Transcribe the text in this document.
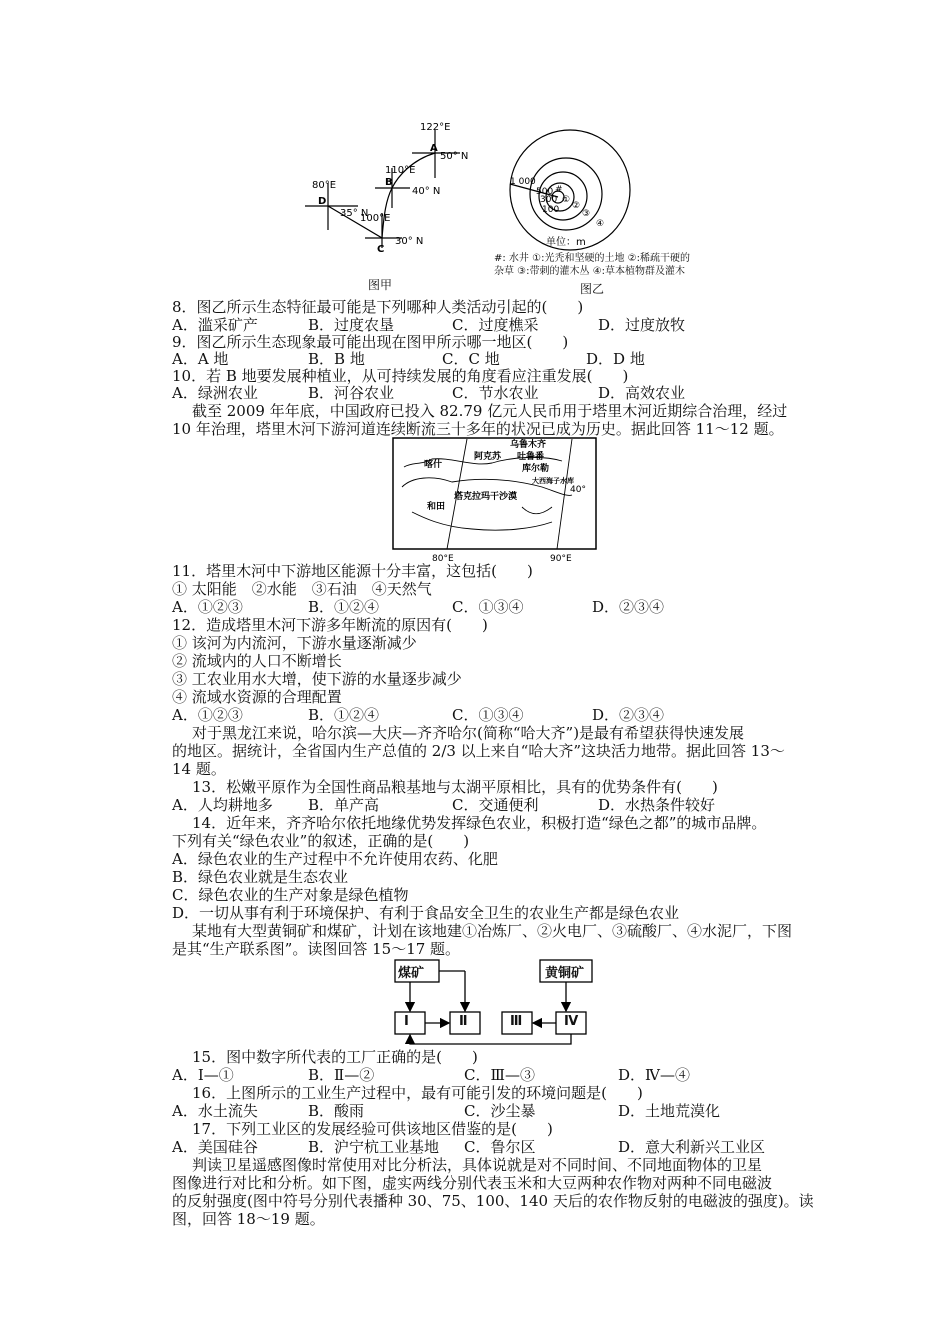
122°E
50° N
110°E
40° N
80°E
35° N
100°E
30° N
A
B
D
C
图甲
1 000
500 #
①
②
③
④
单位：m
300
100
#: 水井 ①:光秃和坚硬的土地 ②:稀疏干硬的
杂草 ③:带刺的灌木丛 ④:草本植物群及灌木
图乙
8．图乙所示生态特征最可能是下列哪种人类活动引起的(　　)
A．滥采矿产	B．过度农垦	C．过度樵采	D．过度放牧
9．图乙所示生态现象最可能出现在图甲所示哪一地区(　　)
A．A 地	B．B 地	C．C 地	D．D 地
10．若 B 地要发展种植业，从可持续发展的角度看应注重发展(　　)
A．绿洲农业	B．河谷农业	C．节水农业	D．高效农业
截至 2009 年年底，中国政府已投入 82.79 亿元人民币用于塔里木河近期综合治理，经过
10 年治理，塔里木河下游河道连续断流三十多年的状况已成为历史。据此回答 11～12 题。
乌鲁木齐
吐鲁番
阿克苏
喀什	库尔勒
大西海子水库
和田
塔克拉玛干沙漠
40°
80°E	90°E
11．塔里木河中下游地区能源十分丰富，这包括(　　)
① 太阳能　②水能　③石油　④天然气
A．①②③	B．①②④	C．①③④	D．②③④
12．造成塔里木河下游多年断流的原因有(　　)
① 该河为内流河，下游水量逐渐减少
② 流域内的人口不断增长
③ 工农业用水大增，使下游的水量逐步减少
④ 流域水资源的合理配置
A．①②③	B．①②④	C．①③④	D．②③④
对于黑龙江来说，哈尔滨—大庆—齐齐哈尔(简称“哈大齐”)是最有希望获得快速发展
的地区。据统计，全省国内生产总值的 2/3 以上来自“哈大齐”这块活力地带。据此回答 13～
14 题。
13．松嫩平原作为全国性商品粮基地与太湖平原相比，具有的优势条件有(　　)
A．人均耕地多 B．单产高	C．交通便利	D．水热条件较好
14．近年来，齐齐哈尔依托地缘优势发挥绿色农业，积极打造“绿色之都”的城市品牌。
下列有关“绿色农业”的叙述，正确的是(　　)
A．绿色农业的生产过程中不允许使用农药、化肥
B．绿色农业就是生态农业
C．绿色农业的生产对象是绿色植物
D．一切从事有利于环境保护、有利于食品安全卫生的农业生产都是绿色农业
某地有大型黄铜矿和煤矿，计划在该地建①冶炼厂、②火电厂、③硫酸厂、④水泥厂，下图
是其“生产联系图”。读图回答 15～17 题。
煤矿	黄铜矿
Ⅰ	Ⅱ	Ⅲ	Ⅳ
15．图中数字所代表的工厂正确的是(　　)
A．Ⅰ—①	B．Ⅱ—②	C．Ⅲ—③	D．Ⅳ—④
16．上图所示的工业生产过程中，最有可能引发的环境问题是(　　)
A．水土流失	B．酸雨	C．沙尘暴	D．土地荒漠化
17．下列工业区的发展经验可供该地区借鉴的是(　　)
A．美国硅谷	B．沪宁杭工业基地 C．鲁尔区	D．意大利新兴工业区
判读卫星遥感图像时常使用对比分析法，具体说就是对不同时间、不同地面物体的卫星
图像进行对比和分析。如下图，虚实两线分别代表玉米和大豆两种农作物对两种不同电磁波
的反射强度(图中符号分别代表播种 30、75、100、140 天后的农作物反射的电磁波的强度)。读
图，回答 18～19 题。
